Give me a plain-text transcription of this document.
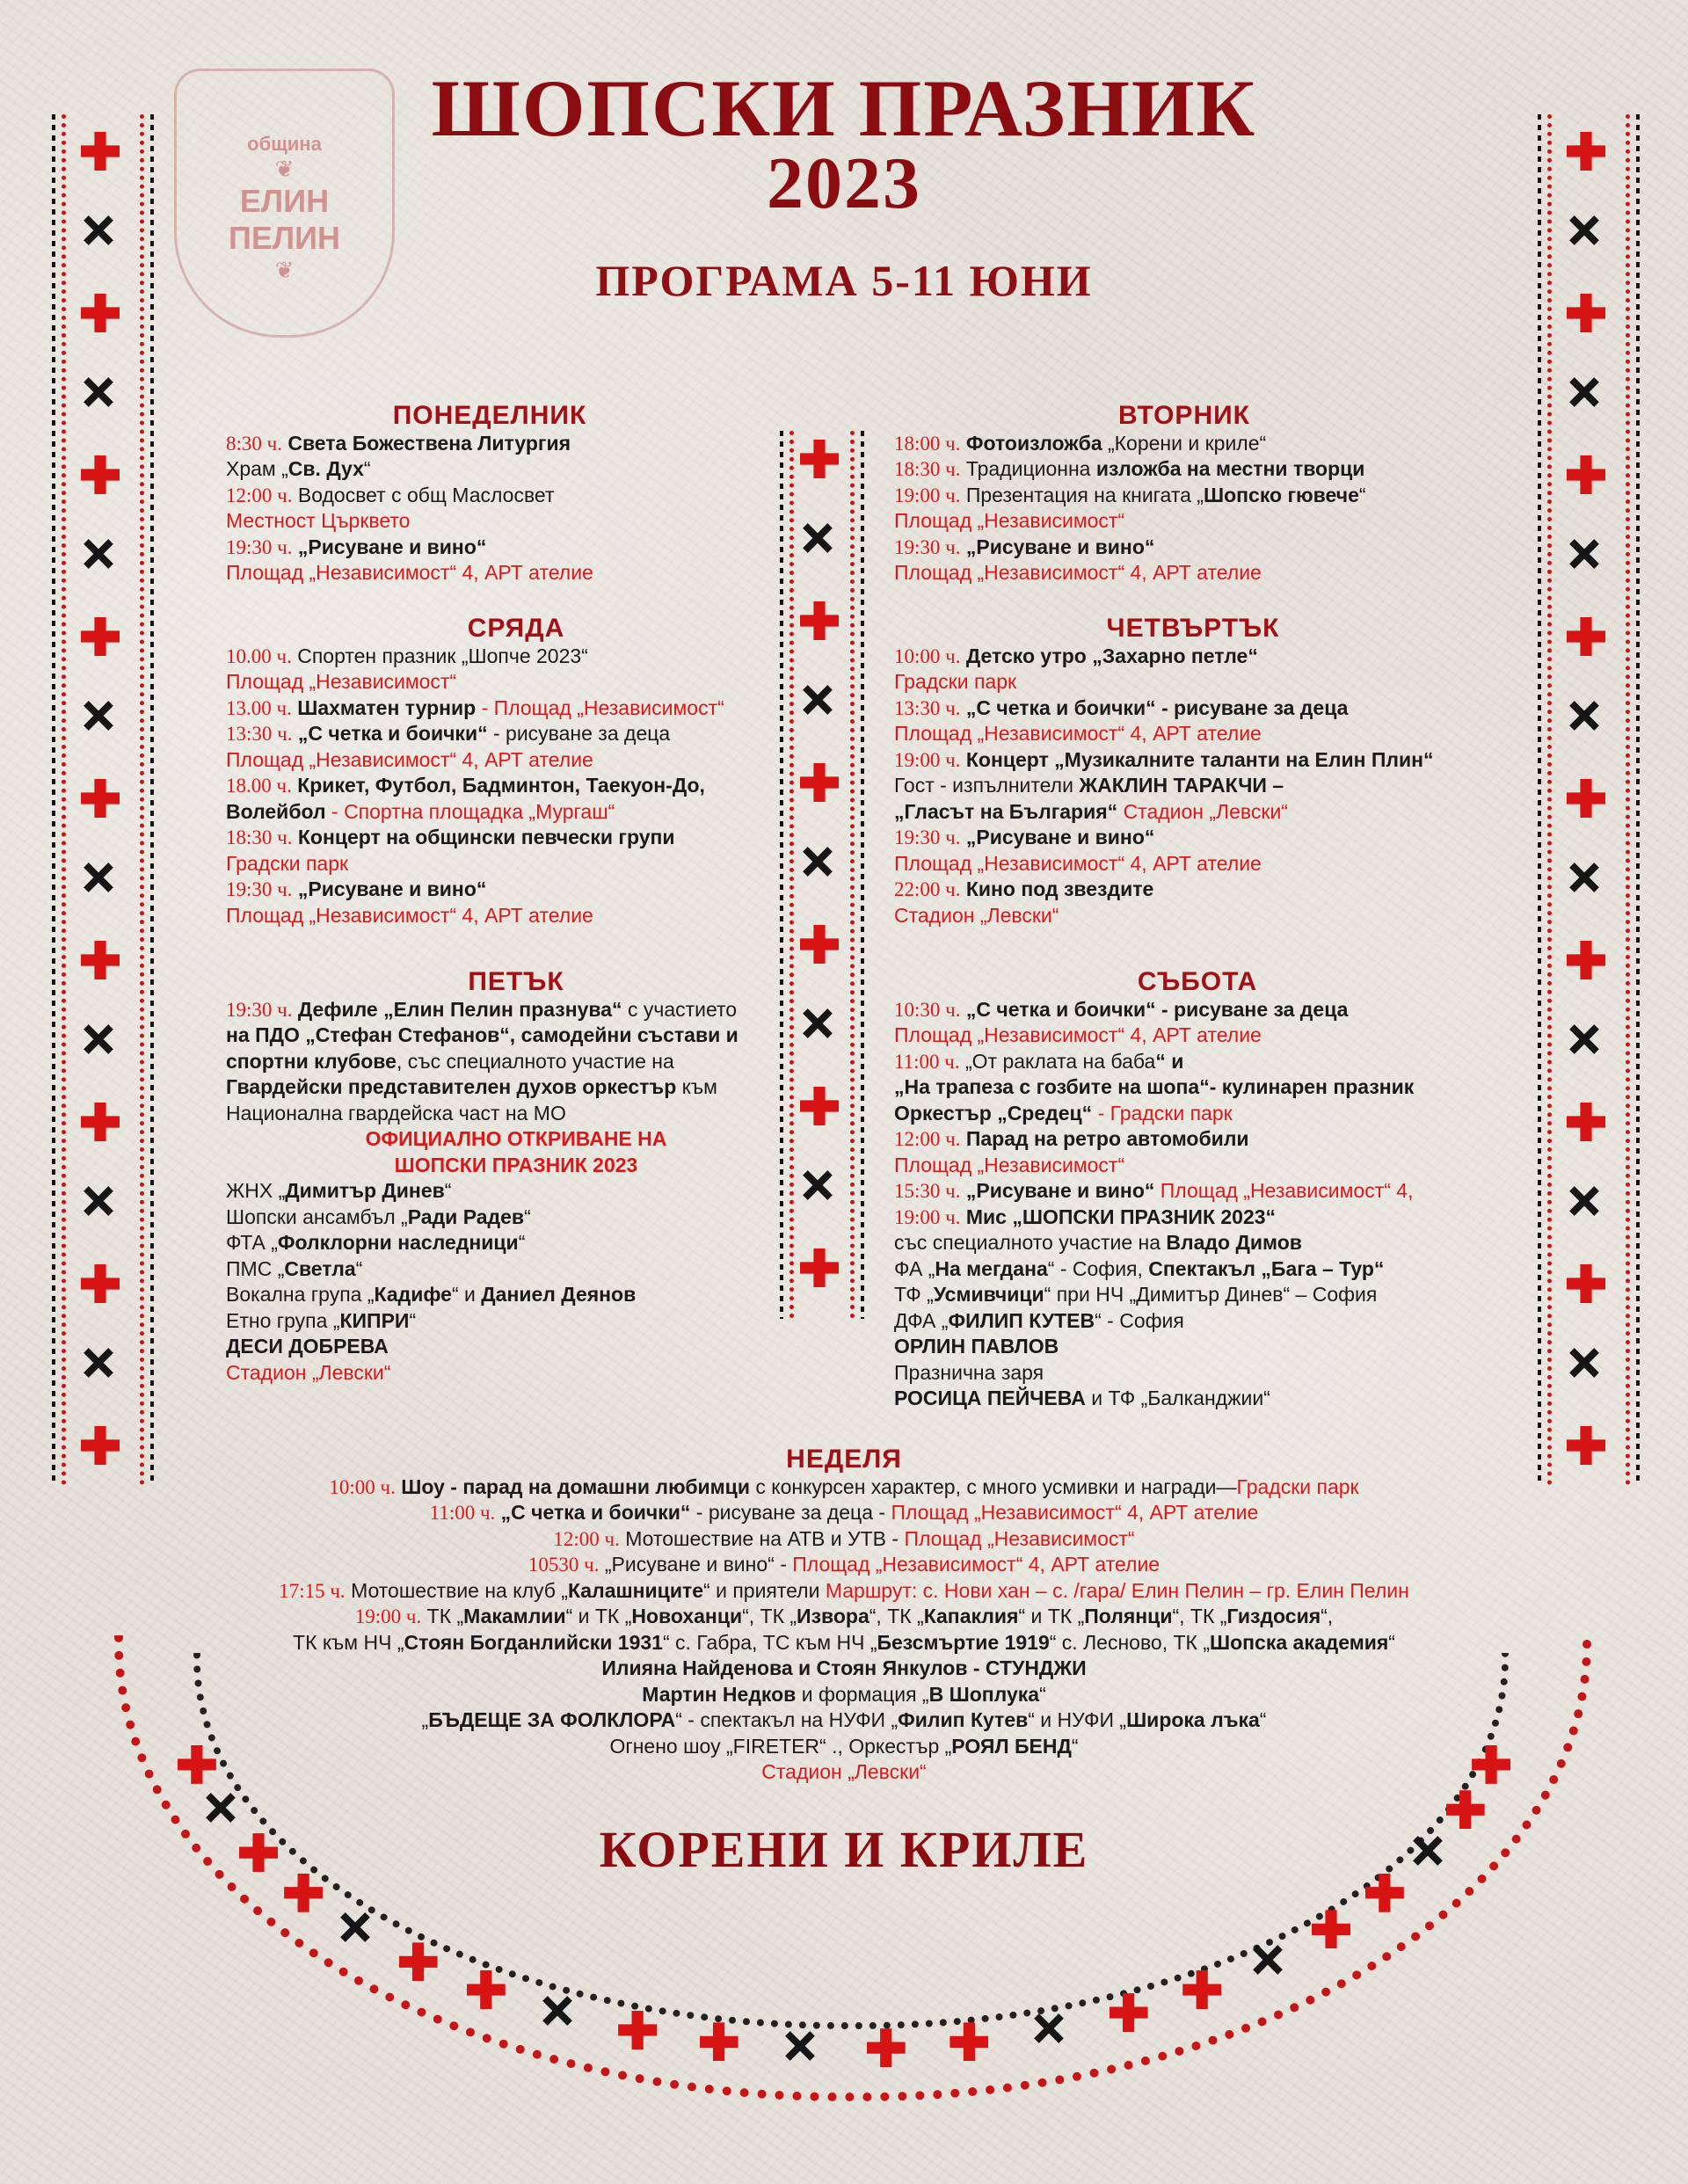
община
❦
ЕЛИН
ПЕЛИН
❦
ШОПСКИ ПРАЗНИК
2023
ПРОГРАМА 5-11 ЮНИ
КОРЕНИ И КРИЛЕ
ПОНЕДЕЛНИК
8:30 ч. Света Божествена Литургия
Храм „Св. Дух“
12:00 ч. Водосвет с общ Маслосвет
Местност Църквето
19:30 ч. „Рисуване и вино“
Площад „Независимост“ 4, АРТ ателие
СРЯДА
10.00 ч. Спортен празник „Шопче 2023“
Площад „Независимост“
13.00 ч. Шахматен турнир - Площад „Независимост“
13:30 ч. „С четка и боички“ - рисуване за деца
Площад „Независимост“ 4, АРТ ателие
18.00 ч. Крикет, Футбол, Бадминтон, Таекуон-До,
Волейбол - Спортна площадка „Мургаш“
18:30 ч. Концерт на общински певчески групи
Градски парк
19:30 ч. „Рисуване и вино“
Площад „Независимост“ 4, АРТ ателие
ПЕТЪК
19:30 ч. Дефиле „Елин Пелин празнува“ с участието
на ПДО „Стефан Стефанов“, самодейни състави и
спортни клубове, със специалното участие на
Гвардейски представителен духов оркестър към
Национална гвардейска част на МО
ОФИЦИАЛНО ОТКРИВАНЕ НА
ШОПСКИ ПРАЗНИК 2023
ЖНХ „Димитър Динев“
Шопски ансамбъл „Ради Радев“
ФТА „Фолклорни наследници“
ПМС „Светла“
Вокална група „Кадифе“ и Даниел Деянов
Етно група „КИПРИ“
ДЕСИ ДОБРЕВА
Стадион „Левски“
ВТОРНИК
18:00 ч. Фотоизложба „Корени и криле“
18:30 ч. Традиционна изложба на местни творци
19:00 ч. Презентация на книгата „Шопско гювече“
Площад „Независимост“
19:30 ч. „Рисуване и вино“
Площад „Независимост“ 4, АРТ ателие
ЧЕТВЪРТЪК
10:00 ч. Детско утро „Захарно петле“
Градски парк
13:30 ч. „С четка и боички“ - рисуване за деца
Площад „Независимост“ 4, АРТ ателие
19:00 ч. Концерт „Музикалните таланти на Елин Плин“
Гост - изпълнители ЖАКЛИН ТАРАКЧИ –
„Гласът на България“ Стадион „Левски“
19:30 ч. „Рисуване и вино“
Площад „Независимост“ 4, АРТ ателие
22:00 ч. Кино под звездите
Стадион „Левски“
СЪБОТА
10:30 ч. „С четка и боички“ - рисуване за деца
Площад „Независимост“ 4, АРТ ателие
11:00 ч. „От раклата на баба“ и
„На трапеза с гозбите на шопа“- кулинарен празник
Оркестър „Средец“ - Градски парк
12:00 ч. Парад на ретро автомобили
Площад „Независимост“
15:30 ч. „Рисуване и вино“ Площад „Независимост“ 4,
19:00 ч. Мис „ШОПСКИ ПРАЗНИК 2023“
със специалното участие на Владо Димов
ФА „На мегдана“ - София, Спектакъл „Бага – Тур“
ТФ „Усмивчици“ при НЧ „Димитър Динев“ – София
ДФА „ФИЛИП КУТЕВ“ - София
ОРЛИН ПАВЛОВ
Празнична заря
РОСИЦА ПЕЙЧЕВА и ТФ „Балканджии“
НЕДЕЛЯ
10:00 ч. Шоу - парад на домашни любимци с конкурсен характер, с много усмивки и награди—Градски парк
11:00 ч. „С четка и боички“ - рисуване за деца - Площад „Независимост“ 4, АРТ ателие
12:00 ч. Мотошествие на АТВ и УТВ - Площад „Независимост“
10530 ч. „Рисуване и вино“ - Площад „Независимост“ 4, АРТ ателие
17:15 ч. Мотошествие на клуб „Калашниците“ и приятели Маршрут: с. Нови хан – с. /гара/ Елин Пелин – гр. Елин Пелин
19:00 ч. ТК „Макамлии“ и ТК „Новоханци“, ТК „Извора“, ТК „Капаклия“ и ТК „Полянци“, ТК „Гиздосия“,
ТК към НЧ „Стоян Богданлийски 1931“ с. Габра, ТС към НЧ „Безсмъртие 1919“ с. Лесново, ТК „Шопска академия“
Илияна Найденова и Стоян Янкулов - СТУНДЖИ
Мартин Недков и формация „В Шоплука“
„БЪДЕЩЕ ЗА ФОЛКЛОРА“ - спектакъл на НУФИ „Филип Кутев“ и НУФИ „Широка лъка“
Огнено шоу „FIRETER“ ., Оркестър „РОЯЛ БЕНД“
Стадион „Левски“
